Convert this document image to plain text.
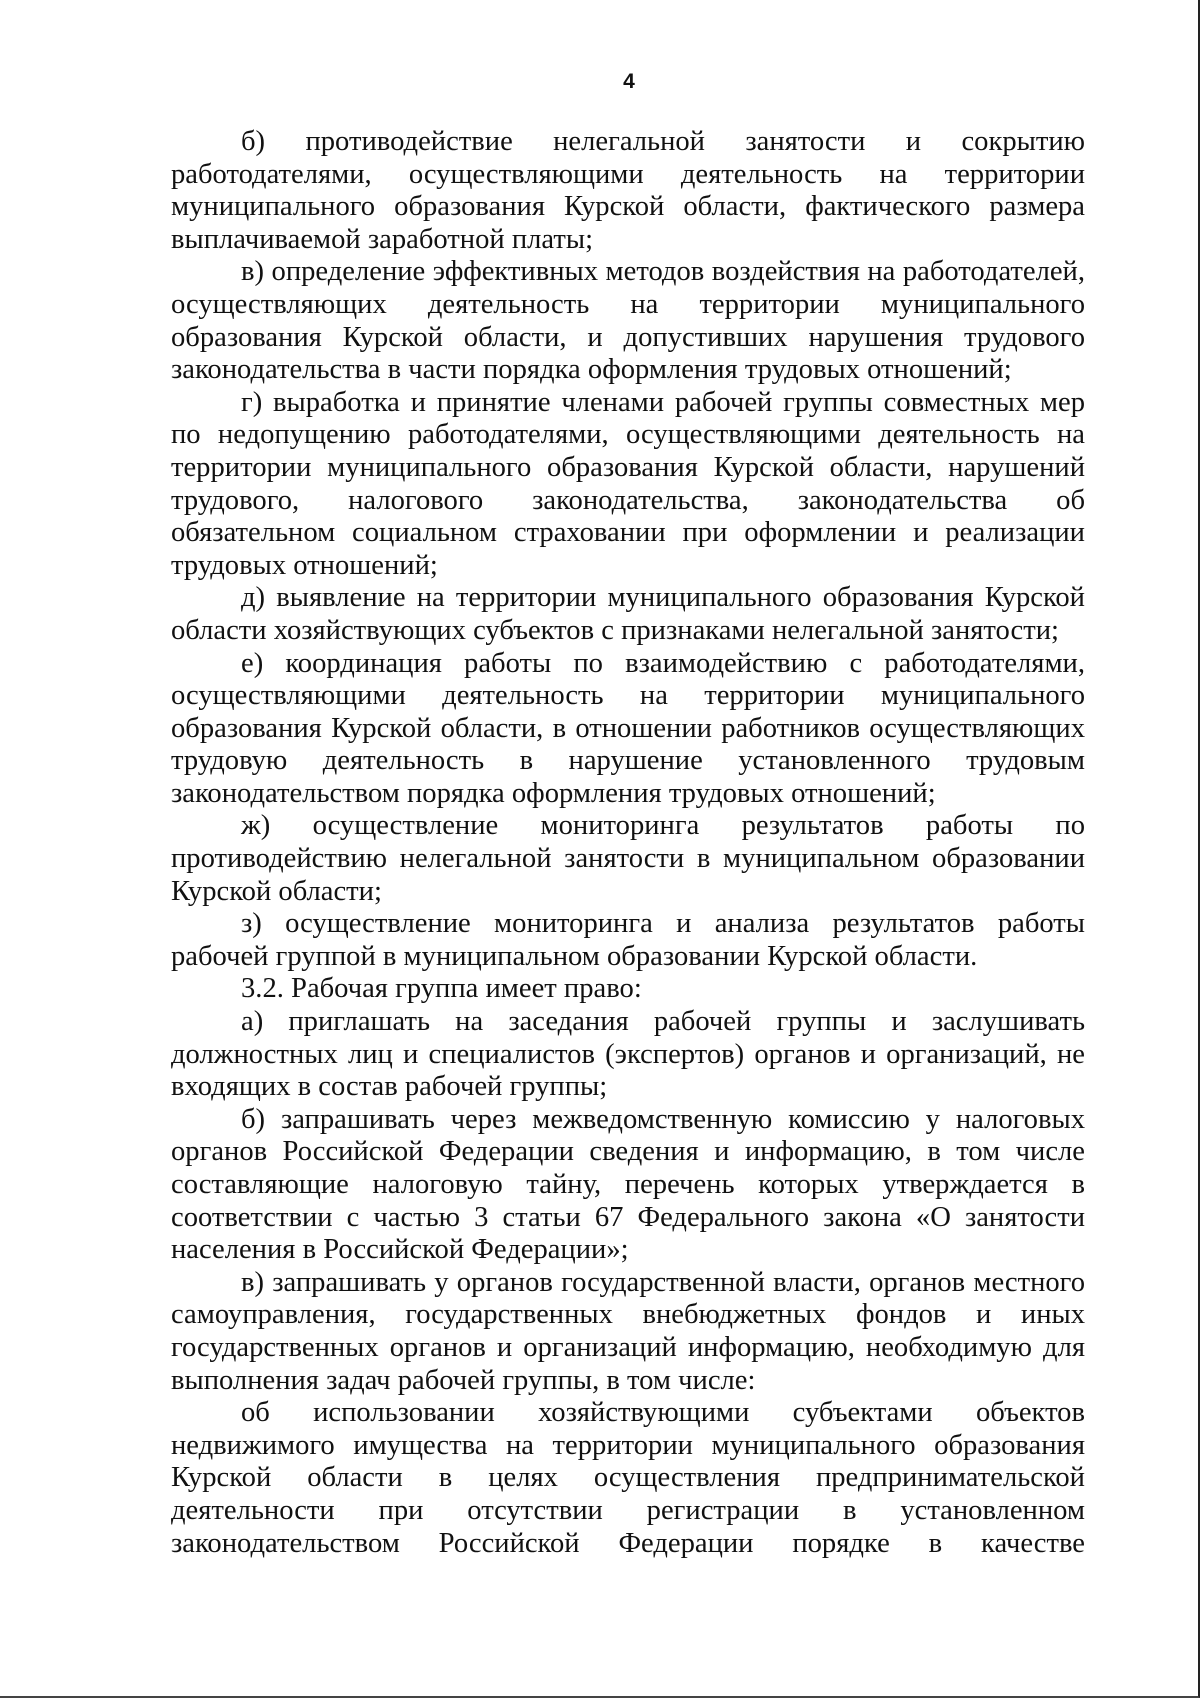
4

б) противодействие нелегальной занятости и сокрытию работодателями, осуществляющими деятельность на территории муниципального образования Курской области, фактического размера выплачиваемой заработной платы;

в) определение эффективных методов воздействия на работодателей, осуществляющих деятельность на территории муниципального образования Курской области, и допустивших нарушения трудового законодательства в части порядка оформления трудовых отношений;

г) выработка и принятие членами рабочей группы совместных мер по недопущению работодателями, осуществляющими деятельность на территории муниципального образования Курской области, нарушений трудового, налогового законодательства, законодательства об обязательном социальном страховании при оформлении и реализации трудовых отношений;

д) выявление на территории муниципального образования Курской области хозяйствующих субъектов с признаками нелегальной занятости;

е) координация работы по взаимодействию с работодателями, осуществляющими деятельность на территории муниципального образования Курской области, в отношении работников осуществляющих трудовую деятельность в нарушение установленного трудовым законодательством порядка оформления трудовых отношений;

ж) осуществление мониторинга результатов работы по противодействию нелегальной занятости в муниципальном образовании Курской области;

з) осуществление мониторинга и анализа результатов работы рабочей группой в муниципальном образовании Курской области.

3.2. Рабочая группа имеет право:

а) приглашать на заседания рабочей группы и заслушивать должностных лиц и специалистов (экспертов) органов и организаций, не входящих в состав рабочей группы;

б) запрашивать через межведомственную комиссию у налоговых органов Российской Федерации сведения и информацию, в том числе составляющие налоговую тайну, перечень которых утверждается в соответствии с частью 3 статьи 67 Федерального закона «О занятости населения в Российской Федерации»;

в) запрашивать у органов государственной власти, органов местного самоуправления, государственных внебюджетных фондов и иных государственных органов и организаций информацию, необходимую для выполнения задач рабочей группы, в том числе:

об использовании хозяйствующими субъектами объектов недвижимого имущества на территории муниципального образования Курской области в целях осуществления предпринимательской деятельности при отсутствии регистрации в установленном законодательством Российской Федерации порядке в качестве
